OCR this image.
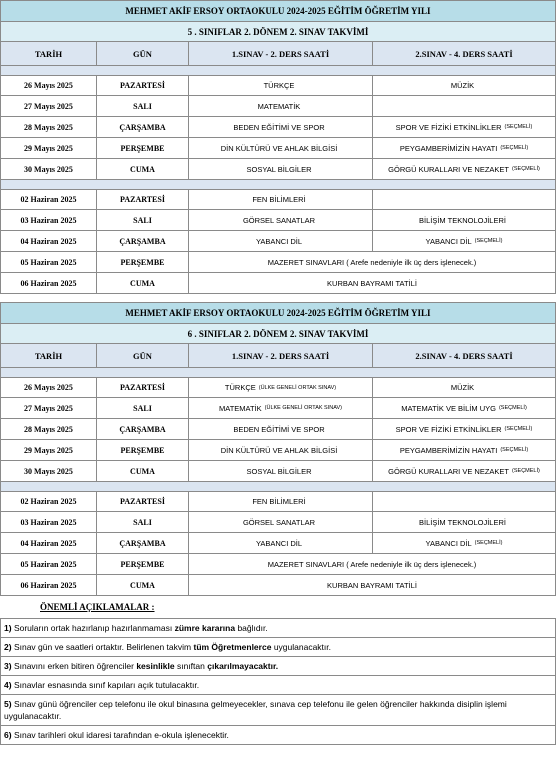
MEHMET AKİF ERSOY ORTAOKULU 2024-2025 EĞİTİM ÖĞRETİM YILI
5 . SINIFLAR 2. DÖNEM 2. SINAV TAKVİMİ
TARİH	GÜN	1.SINAV - 2. DERS SAATİ	2.SINAV - 4. DERS SAATİ
26 Mayıs 2025	PAZARTESİ	TÜRKÇE	MÜZİK
27 Mayıs 2025	SALI	MATEMATİK
28 Mayıs 2025	ÇARŞAMBA	BEDEN EĞİTİMİ VE SPOR	SPOR VE FİZİKİ ETKİNLİKLER (SEÇMELİ)
29 Mayıs 2025	PERŞEMBE	DİN KÜLTÜRÜ VE AHLAK BİLGİSİ	PEYGAMBERİMİZİN HAYATI (SEÇMELİ)
30 Mayıs 2025	CUMA	SOSYAL BİLGİLER	GÖRGÜ KURALLARI VE NEZAKET (SEÇMELİ)
02 Haziran 2025	PAZARTESİ	FEN BİLİMLERİ
03 Haziran 2025	SALI	GÖRSEL SANATLAR	BİLİŞİM TEKNOLOJİLERİ
04 Haziran 2025	ÇARŞAMBA	YABANCI DİL	YABANCI DİL (SEÇMELİ)
05 Haziran 2025	PERŞEMBE	MAZERET SINAVLARI ( Arefe nedeniyle ilk üç ders işlenecek.)
06 Haziran 2025	CUMA	KURBAN BAYRAMI TATİLİ
MEHMET AKİF ERSOY ORTAOKULU 2024-2025 EĞİTİM ÖĞRETİM YILI
6 . SINIFLAR 2. DÖNEM 2. SINAV TAKVİMİ
TARİH	GÜN	1.SINAV - 2. DERS SAATİ	2.SINAV - 4. DERS SAATİ
26 Mayıs 2025	PAZARTESİ	TÜRKÇE (ÜLKE GENELİ ORTAK SINAV)	MÜZİK
27 Mayıs 2025	SALI	MATEMATİK (ÜLKE GENELİ ORTAK SINAV)	MATEMATİK VE BİLİM UYG (SEÇMELİ)
28 Mayıs 2025	ÇARŞAMBA	BEDEN EĞİTİMİ VE SPOR	SPOR VE FİZİKİ ETKİNLİKLER (SEÇMELİ)
29 Mayıs 2025	PERŞEMBE	DİN KÜLTÜRÜ VE AHLAK BİLGİSİ	PEYGAMBERİMİZİN HAYATI (SEÇMELİ)
30 Mayıs 2025	CUMA	SOSYAL BİLGİLER	GÖRGÜ KURALLARI VE NEZAKET (SEÇMELİ)
02 Haziran 2025	PAZARTESİ	FEN BİLİMLERİ
03 Haziran 2025	SALI	GÖRSEL SANATLAR	BİLİŞİM TEKNOLOJİLERİ
04 Haziran 2025	ÇARŞAMBA	YABANCI DİL	YABANCI DİL (SEÇMELİ)
05 Haziran 2025	PERŞEMBE	MAZERET SINAVLARI ( Arefe nedeniyle ilk üç ders işlenecek.)
06 Haziran 2025	CUMA	KURBAN BAYRAMI TATİLİ
ÖNEMLİ AÇIKLAMALAR :
1) Soruların ortak hazırlanıp hazırlanmaması zümre kararına bağlıdır.
2) Sınav gün ve saatleri ortaktır. Belirlenen takvim tüm Öğretmenlerce uygulanacaktır.
3) Sınavını erken bitiren öğrenciler kesinlikle sınıftan çıkarılmayacaktır.
4) Sınavlar esnasında sınıf kapıları açık tutulacaktır.
5) Sınav günü öğrenciler cep telefonu ile okul binasına gelmeyecekler, sınava cep telefonu ile gelen öğrenciler hakkında disiplin işlemi uygulanacaktır.
6) Sınav tarihleri okul idaresi tarafından e-okula işlenecektir.
